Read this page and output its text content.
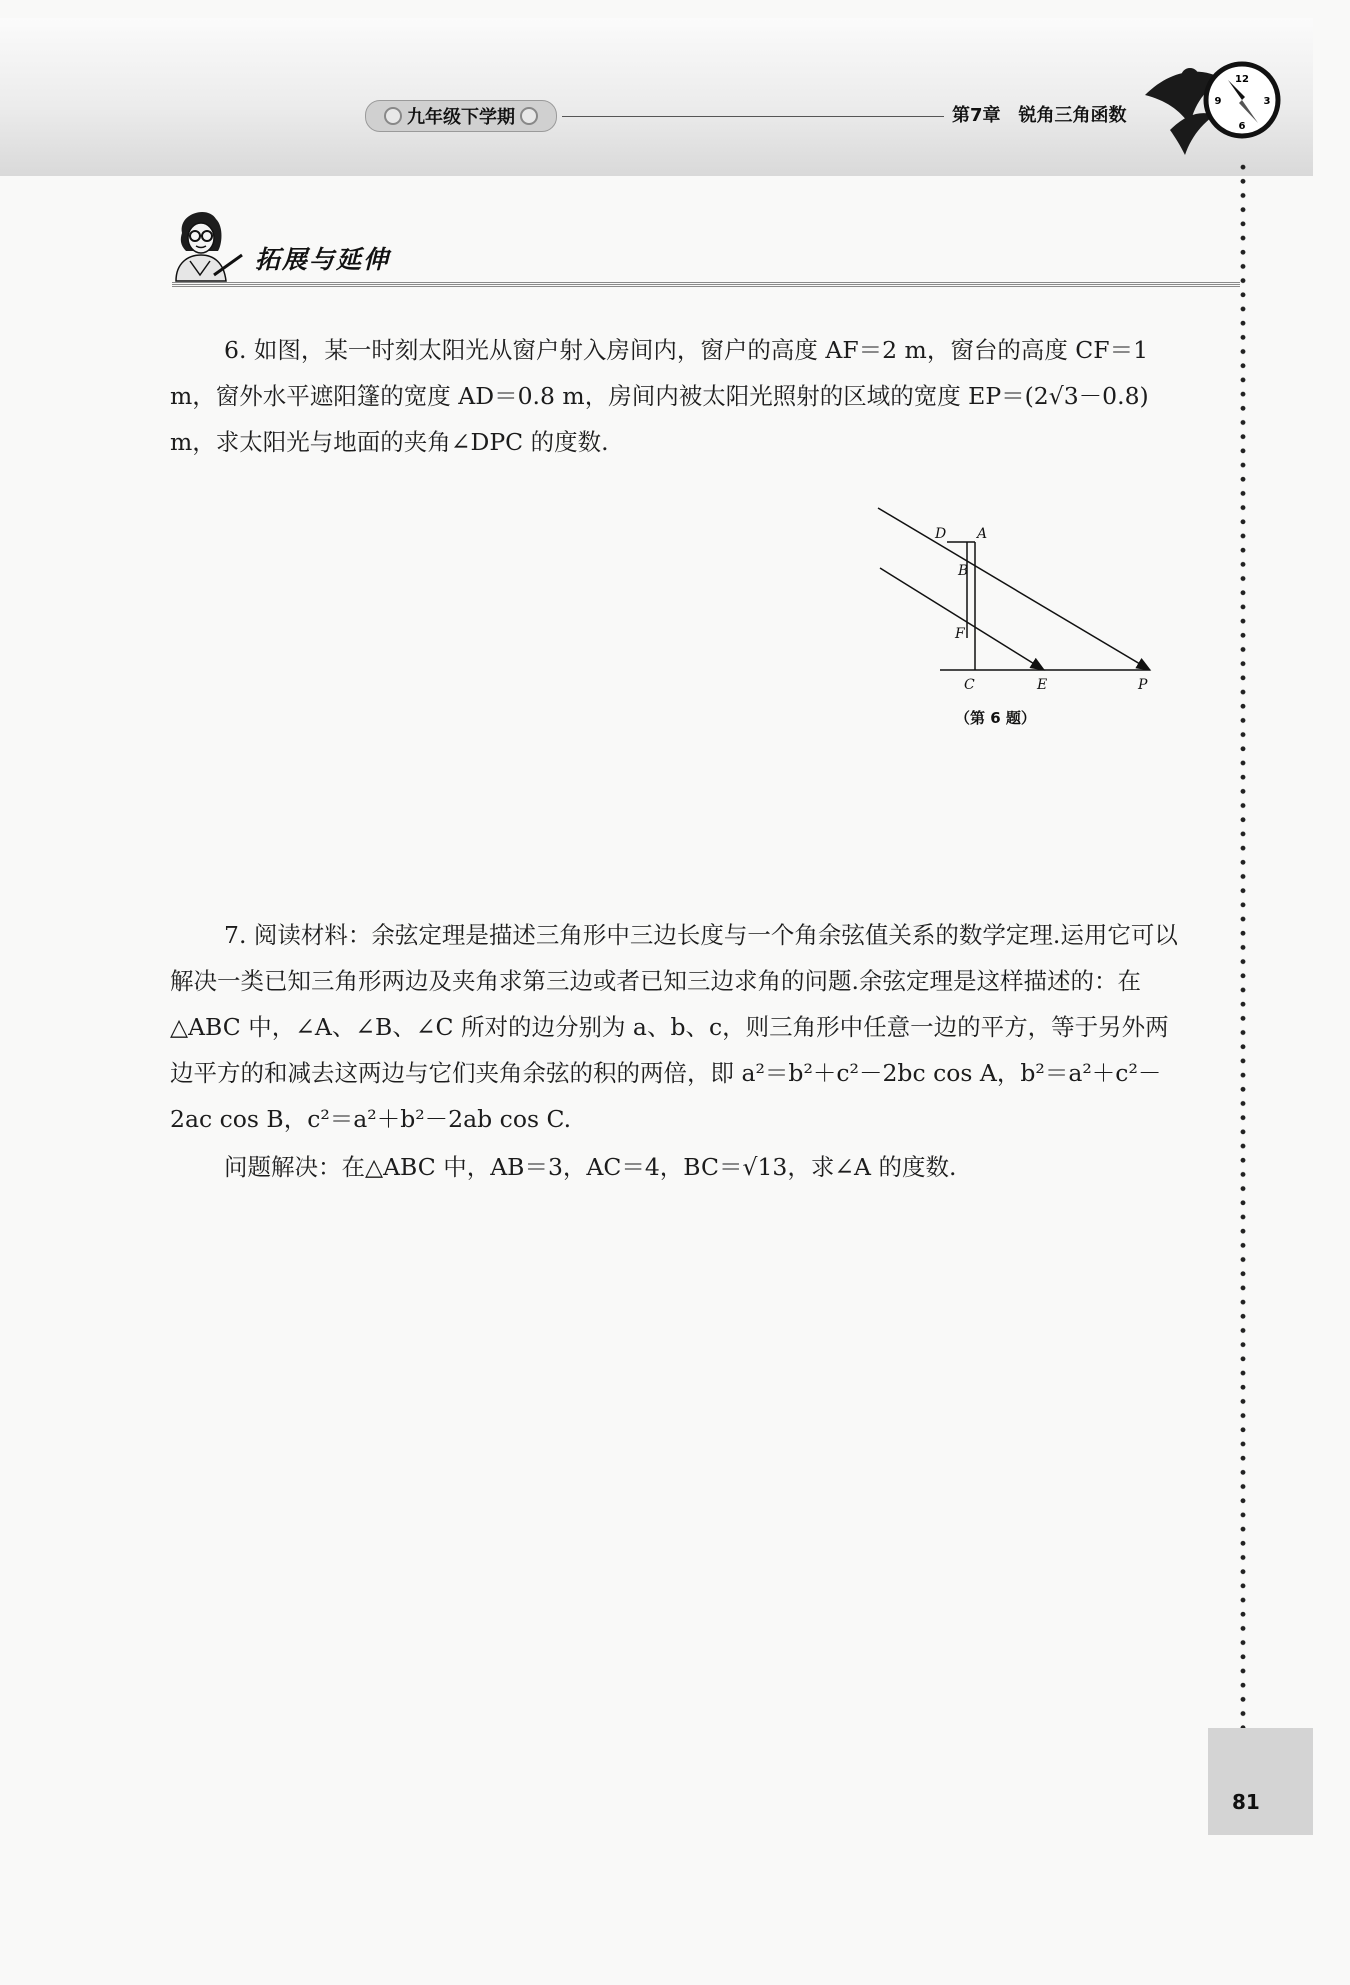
九年级下学期	第7章 锐角三角函数
12
3
6
9
拓展与延伸

6. 如图，某一时刻太阳光从窗户射入房间内，窗户的高度 AF＝2 m，窗台的高度 CF＝1 m，窗外水平遮阳篷的宽度 AD＝0.8 m，房间内被太阳光照射的区域的宽度 EP＝(2√3－0.8) m，求太阳光与地面的夹角∠DPC 的度数.

D A
B
F
C	E	P
（第 6 题）

7. 阅读材料：余弦定理是描述三角形中三边长度与一个角余弦值关系的数学定理.运用它可以解决一类已知三角形两边及夹角求第三边或者已知三边求角的问题.余弦定理是这样描述的：在△ABC 中，∠A、∠B、∠C 所对的边分别为 a、b、c，则三角形中任意一边的平方，等于另外两边平方的和减去这两边与它们夹角余弦的积的两倍，即 a²＝b²＋c²－2bc cos A，b²＝a²＋c²－2ac cos B，c²＝a²＋b²－2ab cos C.

问题解决：在△ABC 中，AB＝3，AC＝4，BC＝√13，求∠A 的度数.

81
